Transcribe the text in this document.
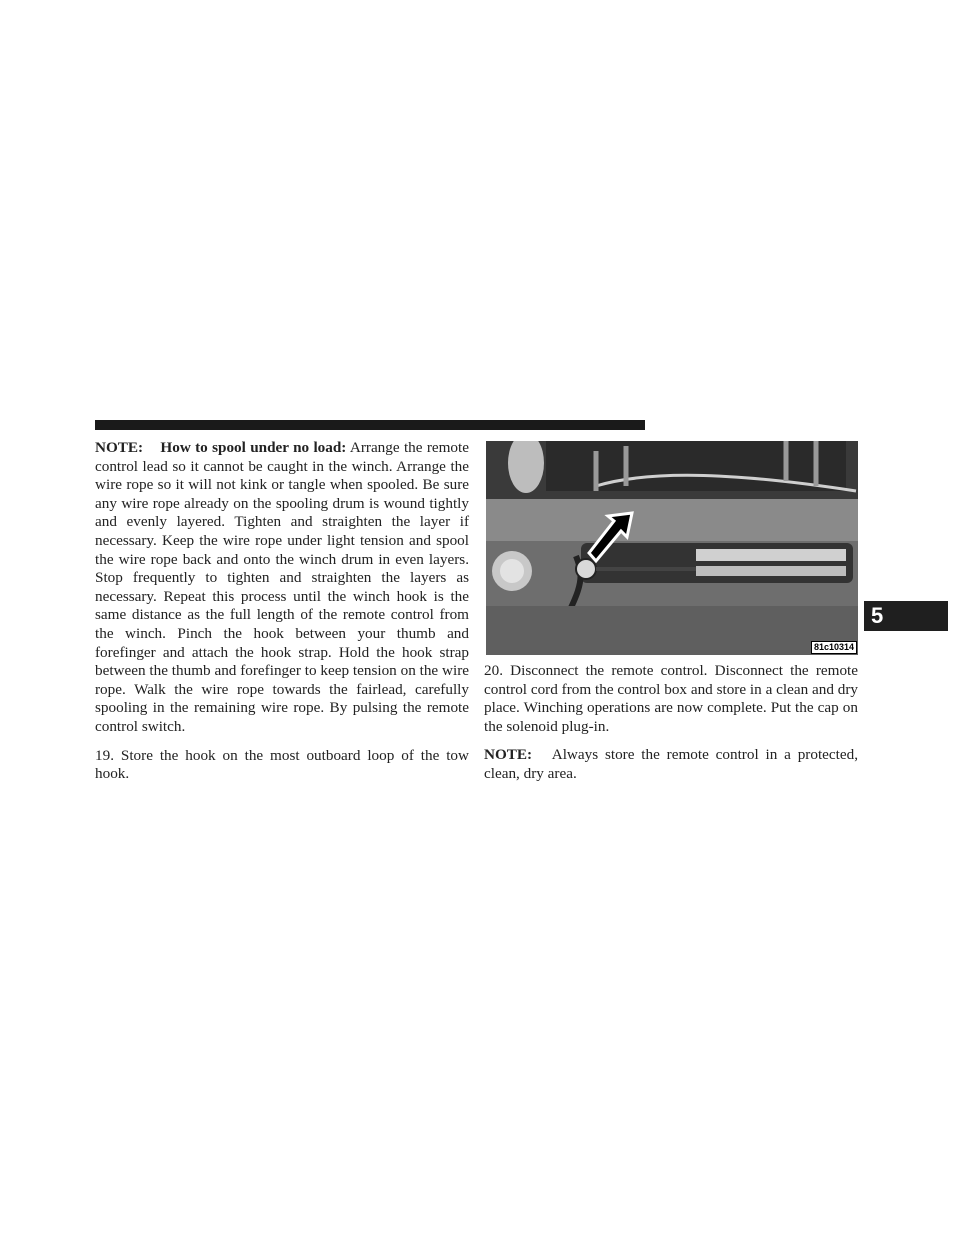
NOTE: How to spool under no load: Arrange the remote control lead so it cannot be caught in the winch. Arrange the wire rope so it will not kink or tangle when spooled. Be sure any wire rope already on the spooling drum is wound tightly and evenly layered. Tighten and straighten the layer if necessary. Keep the wire rope under light tension and spool the wire rope back and onto the winch drum in even layers. Stop frequently to tighten and straighten the layers as necessary. Repeat this process until the winch hook is the same distance as the full length of the remote control from the winch. Pinch the hook between your thumb and forefinger and attach the hook strap. Hold the hook strap between the thumb and forefinger to keep tension on the wire rope. Walk the wire rope towards the fairlead, carefully spooling in the remaining wire rope. By pulsing the remote control switch.

19. Store the hook on the most outboard loop of the tow hook.

81c10314

20. Disconnect the remote control. Disconnect the remote control cord from the control box and store in a clean and dry place. Winching operations are now complete. Put the cap on the solenoid plug-in.

NOTE: Always store the remote control in a protected, clean, dry area.

5
